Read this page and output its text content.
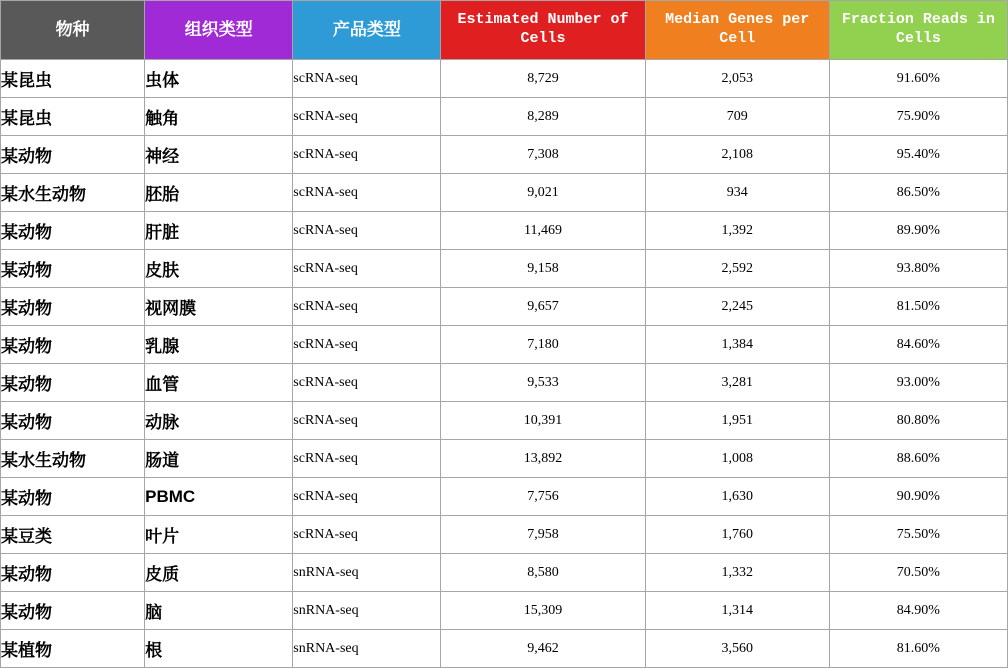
物种	组织类型	产品类型	Estimated Number of Cells	Median Genes per Cell	Fraction Reads in Cells
某昆虫	虫体	scRNA-seq	8,729	2,053	91.60%
某昆虫	触角	scRNA-seq	8,289	709	75.90%
某动物	神经	scRNA-seq	7,308	2,108	95.40%
某水生动物	胚胎	scRNA-seq	9,021	934	86.50%
某动物	肝脏	scRNA-seq	11,469	1,392	89.90%
某动物	皮肤	scRNA-seq	9,158	2,592	93.80%
某动物	视网膜	scRNA-seq	9,657	2,245	81.50%
某动物	乳腺	scRNA-seq	7,180	1,384	84.60%
某动物	血管	scRNA-seq	9,533	3,281	93.00%
某动物	动脉	scRNA-seq	10,391	1,951	80.80%
某水生动物	肠道	scRNA-seq	13,892	1,008	88.60%
某动物	PBMC	scRNA-seq	7,756	1,630	90.90%
某豆类	叶片	scRNA-seq	7,958	1,760	75.50%
某动物	皮质	snRNA-seq	8,580	1,332	70.50%
某动物	脑	snRNA-seq	15,309	1,314	84.90%
某植物	根	snRNA-seq	9,462	3,560	81.60%
